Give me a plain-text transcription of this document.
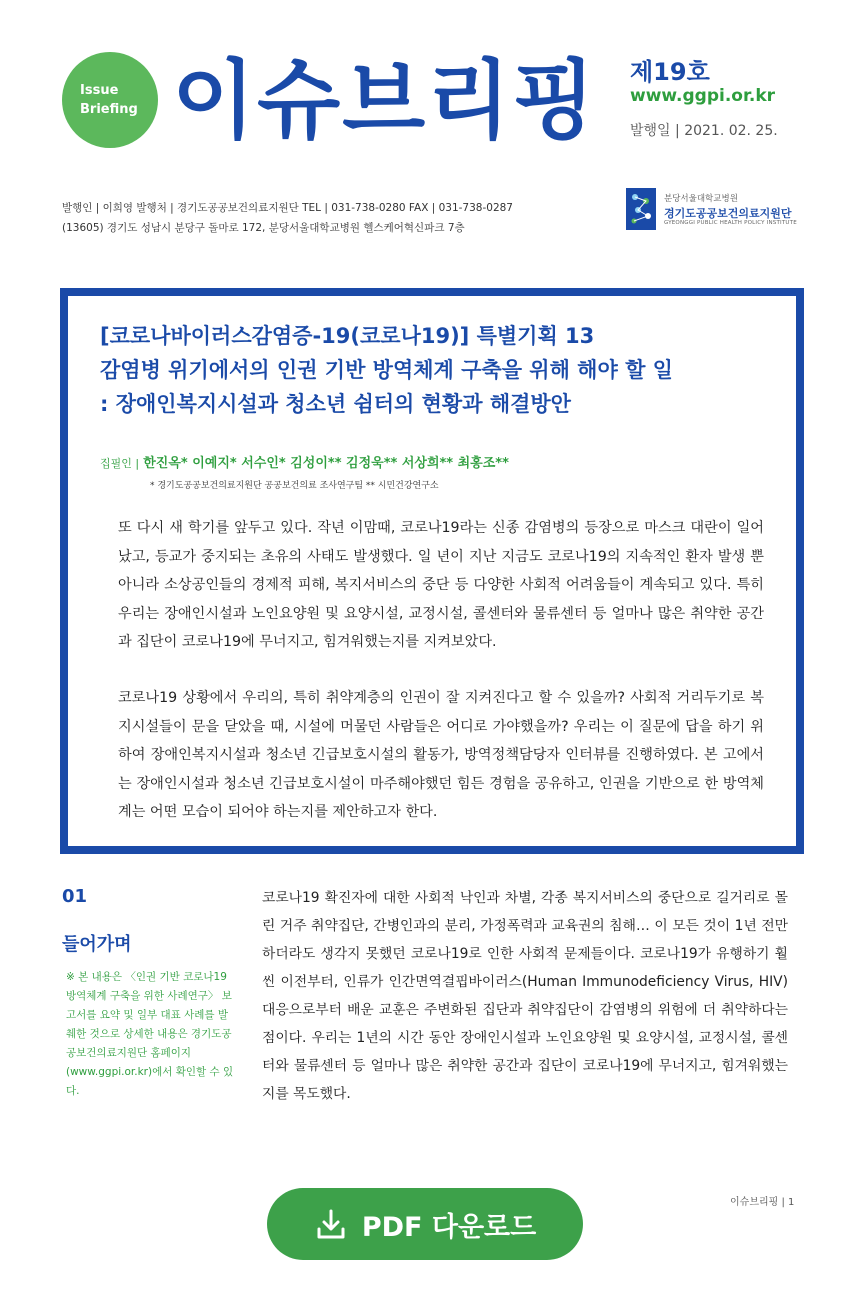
Issue
Briefing 이슈브리핑 제19호
www.ggpi.or.kr
발행일 | 2021. 02. 25.
발행인 | 이희영 발행처 | 경기도공공보건의료지원단 TEL | 031-738-0280 FAX | 031-738-0287
(13605) 경기도 성남시 분당구 돌마로 172, 분당서울대학교병원 헬스케어혁신파크 7층
분당서울대학교병원
경기도공공보건의료지원단
GYEONGGI PUBLIC HEALTH POLICY INSTITUTE
[코로나바이러스감염증-19(코로나19)] 특별기획 13
감염병 위기에서의 인권 기반 방역체계 구축을 위해 해야 할 일
: 장애인복지시설과 청소년 쉼터의 현황과 해결방안
집필인 | 한진옥* 이예지* 서수인* 김성이** 김정욱** 서상희** 최홍조**
* 경기도공공보건의료지원단 공공보건의료 조사연구팀 ** 시민건강연구소
또 다시 새 학기를 앞두고 있다. 작년 이맘때, 코로나19라는 신종 감염병의 등장으로 마스크 대란이 일어났고, 등교가 중지되는 초유의 사태도 발생했다. 일 년이 지난 지금도 코로나19의 지속적인 환자 발생 뿐 아니라 소상공인들의 경제적 피해, 복지서비스의 중단 등 다양한 사회적 어려움들이 계속되고 있다. 특히 우리는 장애인시설과 노인요양원 및 요양시설, 교정시설, 콜센터와 물류센터 등 얼마나 많은 취약한 공간과 집단이 코로나19에 무너지고, 힘겨워했는지를 지켜보았다.
코로나19 상황에서 우리의, 특히 취약계층의 인권이 잘 지켜진다고 할 수 있을까? 사회적 거리두기로 복지시설들이 문을 닫았을 때, 시설에 머물던 사람들은 어디로 가야했을까? 우리는 이 질문에 답을 하기 위하여 장애인복지시설과 청소년 긴급보호시설의 활동가, 방역정책담당자 인터뷰를 진행하였다. 본 고에서는 장애인시설과 청소년 긴급보호시설이 마주해야했던 힘든 경험을 공유하고, 인권을 기반으로 한 방역체계는 어떤 모습이 되어야 하는지를 제안하고자 한다.
01
들어가며
※ 본 내용은 〈인권 기반 코로나19 방역체계 구축을 위한 사례연구〉 보고서를 요약 및 일부 대표 사례를 발췌한 것으로 상세한 내용은 경기도공공보건의료지원단 홈페이지(www.ggpi.or.kr)에서 확인할 수 있다.
코로나19 확진자에 대한 사회적 낙인과 차별, 각종 복지서비스의 중단으로 길거리로 몰린 거주 취약집단, 간병인과의 분리, 가정폭력과 교육권의 침해… 이 모든 것이 1년 전만 하더라도 생각지 못했던 코로나19로 인한 사회적 문제들이다. 코로나19가 유행하기 훨씬 이전부터, 인류가 인간면역결핍바이러스(Human Immunodeficiency Virus, HIV) 대응으로부터 배운 교훈은 주변화된 집단과 취약집단이 감염병의 위험에 더 취약하다는 점이다. 우리는 1년의 시간 동안 장애인시설과 노인요양원 및 요양시설, 교정시설, 콜센터와 물류센터 등 얼마나 많은 취약한 공간과 집단이 코로나19에 무너지고, 힘겨워했는지를 목도했다.
이슈브리핑 | 1
PDF 다운로드
